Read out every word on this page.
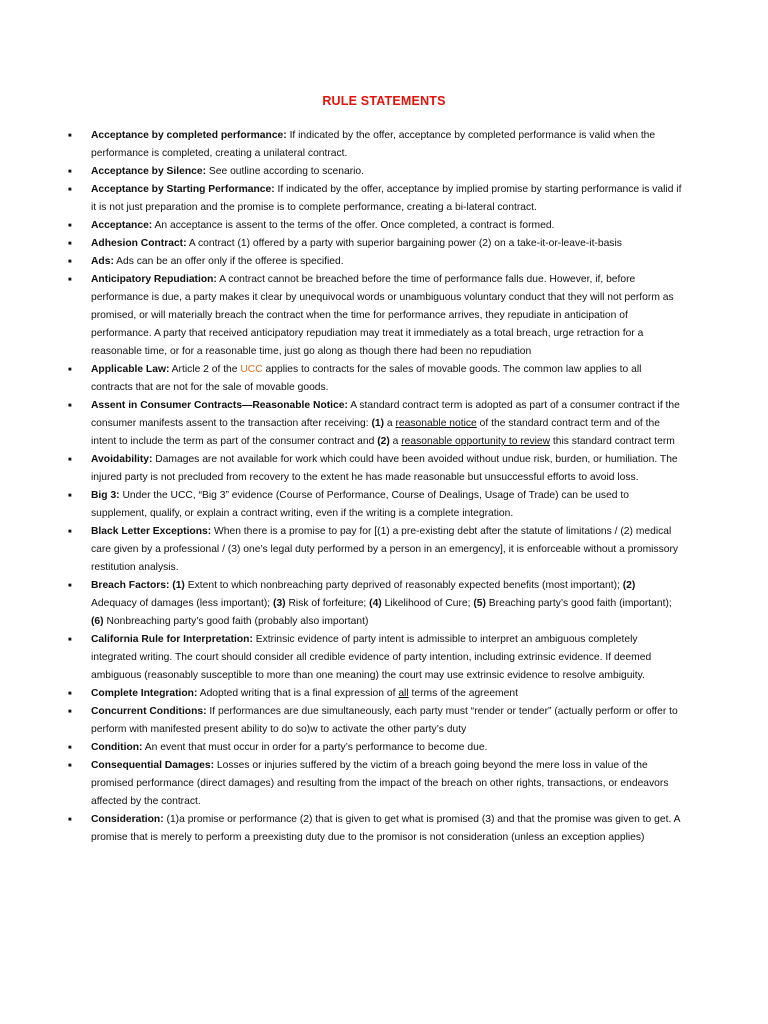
RULE STATEMENTS
■	Acceptance by completed performance: If indicated by the offer, acceptance by completed performance is valid when the performance is completed, creating a unilateral contract.
■	Acceptance by Silence: See outline according to scenario.
■	Acceptance by Starting Performance: If indicated by the offer, acceptance by implied promise by starting performance is valid if it is not just preparation and the promise is to complete performance, creating a bi-lateral contract.
■	Acceptance: An acceptance is assent to the terms of the offer. Once completed, a contract is formed.
■	Adhesion Contract: A contract (1) offered by a party with superior bargaining power (2) on a take-it-or-leave-it-basis
■	Ads: Ads can be an offer only if the offeree is specified.
■	Anticipatory Repudiation: A contract cannot be breached before the time of performance falls due. However, if, before performance is due, a party makes it clear by unequivocal words or unambiguous voluntary conduct that they will not perform as promised, or will materially breach the contract when the time for performance arrives, they repudiate in anticipation of performance. A party that received anticipatory repudiation may treat it immediately as a total breach, urge retraction for a reasonable time, or for a reasonable time, just go along as though there had been no repudiation
■	Applicable Law: Article 2 of the UCC applies to contracts for the sales of movable goods. The common law applies to all contracts that are not for the sale of movable goods.
■	Assent in Consumer Contracts—Reasonable Notice: A standard contract term is adopted as part of a consumer contract if the consumer manifests assent to the transaction after receiving: (1) a reasonable notice of the standard contract term and of the intent to include the term as part of the consumer contract and (2) a reasonable opportunity to review this standard contract term
■	Avoidability: Damages are not available for work which could have been avoided without undue risk, burden, or humiliation. The injured party is not precluded from recovery to the extent he has made reasonable but unsuccessful efforts to avoid loss.
■	Big 3: Under the UCC, “Big 3” evidence (Course of Performance, Course of Dealings, Usage of Trade) can be used to supplement, qualify, or explain a contract writing, even if the writing is a complete integration.
■	Black Letter Exceptions: When there is a promise to pay for [(1) a pre-existing debt after the statute of limitations / (2) medical care given by a professional / (3) one’s legal duty performed by a person in an emergency], it is enforceable without a promissory restitution analysis.
■	Breach Factors: (1) Extent to which nonbreaching party deprived of reasonably expected benefits (most important); (2) Adequacy of damages (less important); (3) Risk of forfeiture; (4) Likelihood of Cure; (5) Breaching party’s good faith (important); (6) Nonbreaching party’s good faith (probably also important)
■	California Rule for Interpretation: Extrinsic evidence of party intent is admissible to interpret an ambiguous completely integrated writing. The court should consider all credible evidence of party intention, including extrinsic evidence. If deemed ambiguous (reasonably susceptible to more than one meaning) the court may use extrinsic evidence to resolve ambiguity.
■	Complete Integration: Adopted writing that is a final expression of all terms of the agreement
■	Concurrent Conditions: If performances are due simultaneously, each party must “render or tender” (actually perform or offer to perform with manifested present ability to do so)w to activate the other party’s duty
■	Condition: An event that must occur in order for a party’s performance to become due.
■	Consequential Damages: Losses or injuries suffered by the victim of a breach going beyond the mere loss in value of the promised performance (direct damages) and resulting from the impact of the breach on other rights, transactions, or endeavors affected by the contract.
■	Consideration: (1)a promise or performance (2) that is given to get what is promised (3) and that the promise was given to get. A promise that is merely to perform a preexisting duty due to the promisor is not consideration (unless an exception applies)
